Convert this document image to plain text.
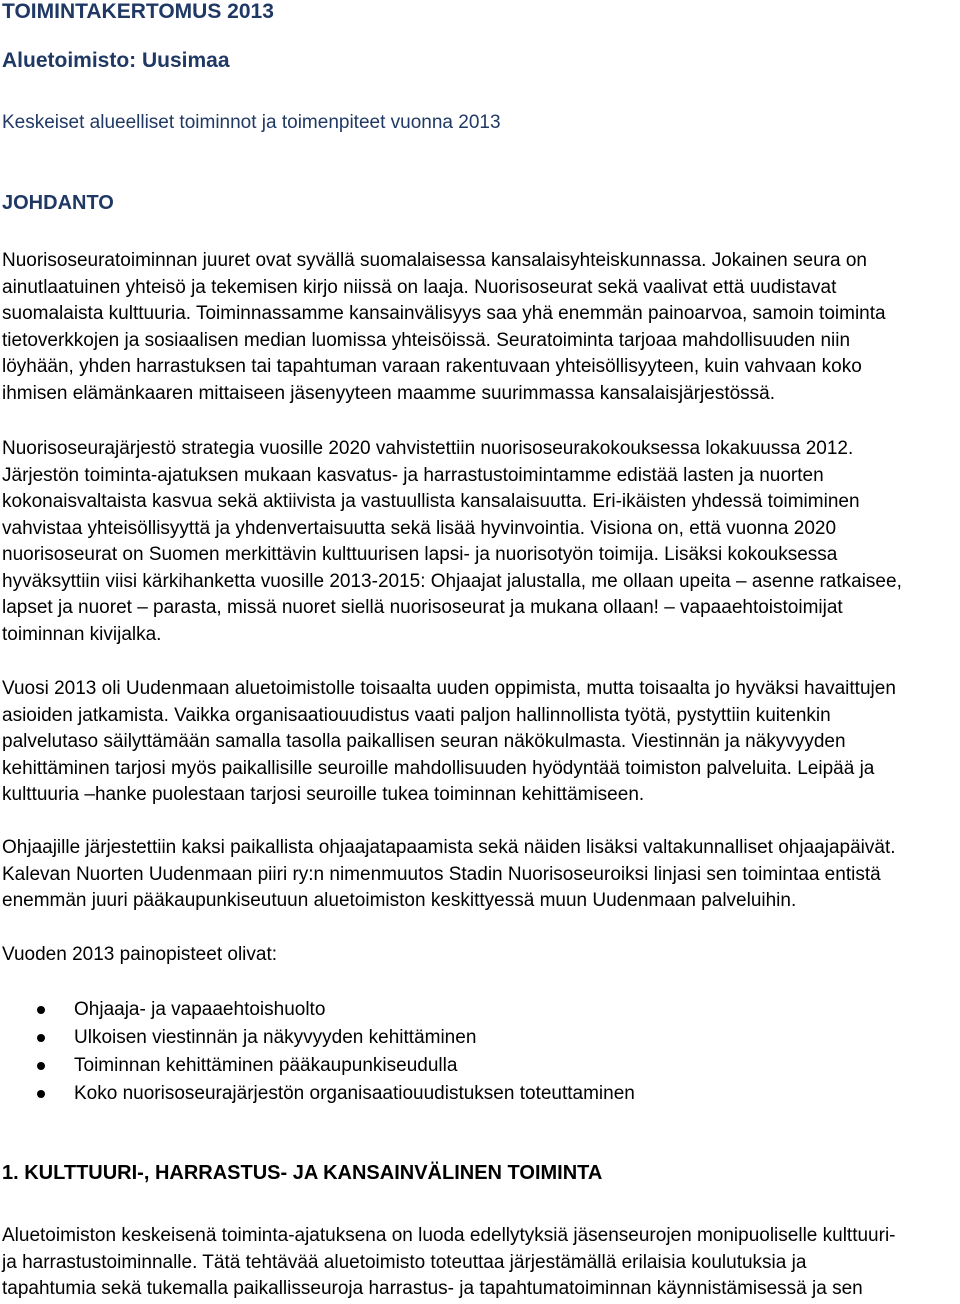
TOIMINTAKERTOMUS 2013
Aluetoimisto: Uusimaa
Keskeiset alueelliset toiminnot ja toimenpiteet vuonna 2013
JOHDANTO
Nuorisoseuratoiminnan juuret ovat syvällä suomalaisessa kansalaisyhteiskunnassa. Jokainen seura on
ainutlaatuinen yhteisö ja tekemisen kirjo niissä on laaja. Nuorisoseurat sekä vaalivat että uudistavat
suomalaista kulttuuria. Toiminnassamme kansainvälisyys saa yhä enemmän painoarvoa, samoin toiminta
tietoverkkojen ja sosiaalisen median luomissa yhteisöissä. Seuratoiminta tarjoaa mahdollisuuden niin
löyhään, yhden harrastuksen tai tapahtuman varaan rakentuvaan yhteisöllisyyteen, kuin vahvaan koko
ihmisen elämänkaaren mittaiseen jäsenyyteen maamme suurimmassa kansalaisjärjestössä.
Nuorisoseurajärjestö strategia vuosille 2020 vahvistettiin nuorisoseurakokouksessa lokakuussa 2012.
Järjestön toiminta-ajatuksen mukaan kasvatus- ja harrastustoimintamme edistää lasten ja nuorten
kokonaisvaltaista kasvua sekä aktiivista ja vastuullista kansalaisuutta. Eri-ikäisten yhdessä toimiminen
vahvistaa yhteisöllisyyttä ja yhdenvertaisuutta sekä lisää hyvinvointia. Visiona on, että vuonna 2020
nuorisoseurat on Suomen merkittävin kulttuurisen lapsi- ja nuorisotyön toimija. Lisäksi kokouksessa
hyväksyttiin viisi kärkihanketta vuosille 2013-2015: Ohjaajat jalustalla, me ollaan upeita – asenne ratkaisee,
lapset ja nuoret – parasta, missä nuoret siellä nuorisoseurat ja mukana ollaan! – vapaaehtoistoimijat
toiminnan kivijalka.
Vuosi 2013 oli Uudenmaan aluetoimistolle toisaalta uuden oppimista, mutta toisaalta jo hyväksi havaittujen
asioiden jatkamista. Vaikka organisaatiouudistus vaati paljon hallinnollista työtä, pystyttiin kuitenkin
palvelutaso säilyttämään samalla tasolla paikallisen seuran näkökulmasta. Viestinnän ja näkyvyyden
kehittäminen tarjosi myös paikallisille seuroille mahdollisuuden hyödyntää toimiston palveluita. Leipää ja
kulttuuria –hanke puolestaan tarjosi seuroille tukea toiminnan kehittämiseen.
Ohjaajille järjestettiin kaksi paikallista ohjaajatapaamista sekä näiden lisäksi valtakunnalliset ohjaajapäivät.
Kalevan Nuorten Uudenmaan piiri ry:n nimenmuutos Stadin Nuorisoseuroiksi linjasi sen toimintaa entistä
enemmän juuri pääkaupunkiseutuun aluetoimiston keskittyessä muun Uudenmaan palveluihin.
Vuoden 2013 painopisteet olivat:
Ohjaaja- ja vapaaehtoishuolto
Ulkoisen viestinnän ja näkyvyyden kehittäminen
Toiminnan kehittäminen pääkaupunkiseudulla
Koko nuorisoseurajärjestön organisaatiouudistuksen toteuttaminen
1. KULTTUURI-, HARRASTUS- JA KANSAINVÄLINEN TOIMINTA
Aluetoimiston keskeisenä toiminta-ajatuksena on luoda edellytyksiä jäsenseurojen monipuoliselle kulttuuri-
ja harrastustoiminnalle. Tätä tehtävää aluetoimisto toteuttaa järjestämällä erilaisia koulutuksia ja
tapahtumia sekä tukemalla paikallisseuroja harrastus- ja tapahtumatoiminnan käynnistämisessä ja sen
